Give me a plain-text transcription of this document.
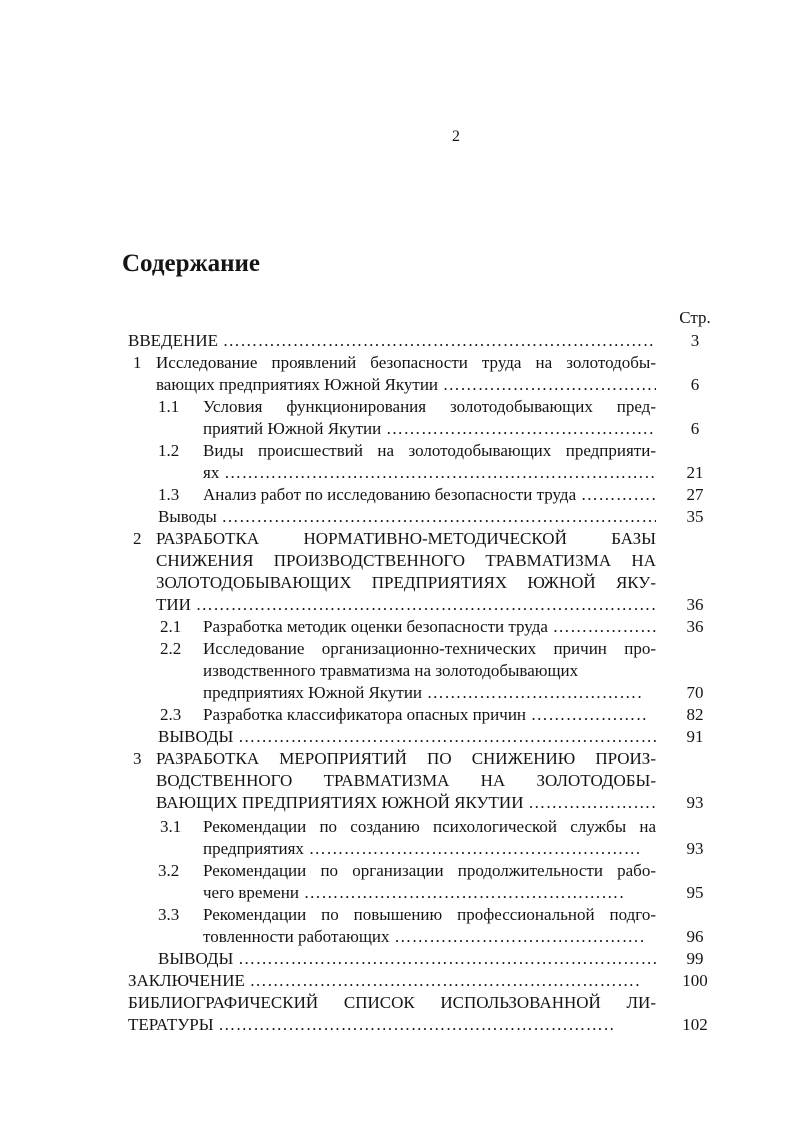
2
Содержание
Стр.
ВВЕДЕНИЕ ……………………………………………………………………………………………………………………………………………………	3
1 Исследование проявлений безопасности труда на золотодобы-
вающих предприятиях Южной Якутии ……………………………………………………………………………………………………………………………………………………	6
1.1 Условия функционирования золотодобывающих пред-
приятий Южной Якутии ……………………………………………………………………………………………………………………………………………………	6
1.2 Виды происшествий на золотодобывающих предприяти-
ях ……………………………………………………………………………………………………………………………………………………	21
1.3 Анализ работ по исследованию безопасности труда ……………………………………………………………………………………………………………………………………………………	27
Выводы ……………………………………………………………………………………………………………………………………………………	35
2 РАЗРАБОТКА НОРМАТИВНО-МЕТОДИЧЕСКОЙ БАЗЫ
СНИЖЕНИЯ ПРОИЗВОДСТВЕННОГО ТРАВМАТИЗМА НА
ЗОЛОТОДОБЫВАЮЩИХ ПРЕДПРИЯТИЯХ ЮЖНОЙ ЯКУ-
ТИИ ……………………………………………………………………………………………………………………………………………………	36
2.1 Разработка методик оценки безопасности труда ……………………………………………………………………………………………………………………………………………………	36
2.2 Исследование организационно-технических причин про-
изводственного травматизма на золотодобывающих
предприятиях Южной Якутии ……………………………………………………………………………………………………………………………………………………	70
2.3 Разработка классификатора опасных причин ……………………………………………………………………………………………………………………………………………………	82
ВЫВОДЫ ……………………………………………………………………………………………………………………………………………………	91
3 РАЗРАБОТКА МЕРОПРИЯТИЙ ПО СНИЖЕНИЮ ПРОИЗ-
ВОДСТВЕННОГО ТРАВМАТИЗМА НА ЗОЛОТОДОБЫ-
ВАЮЩИХ ПРЕДПРИЯТИЯХ ЮЖНОЙ ЯКУТИИ ……………………………………………………………………………………………………………………………………………………	93
3.1 Рекомендации по созданию психологической службы на
предприятиях ……………………………………………………………………………………………………………………………………………………	93
3.2 Рекомендации по организации продолжительности рабо-
чего времени ……………………………………………………………………………………………………………………………………………………	95
3.3 Рекомендации по повышению профессиональной подго-
товленности работающих ……………………………………………………………………………………………………………………………………………………	96
ВЫВОДЫ ……………………………………………………………………………………………………………………………………………………	99
ЗАКЛЮЧЕНИЕ ……………………………………………………………………………………………………………………………………………………	100
БИБЛИОГРАФИЧЕСКИЙ СПИСОК ИСПОЛЬЗОВАННОЙ ЛИ-
ТЕРАТУРЫ ……………………………………………………………………………………………………………………………………………………	102
